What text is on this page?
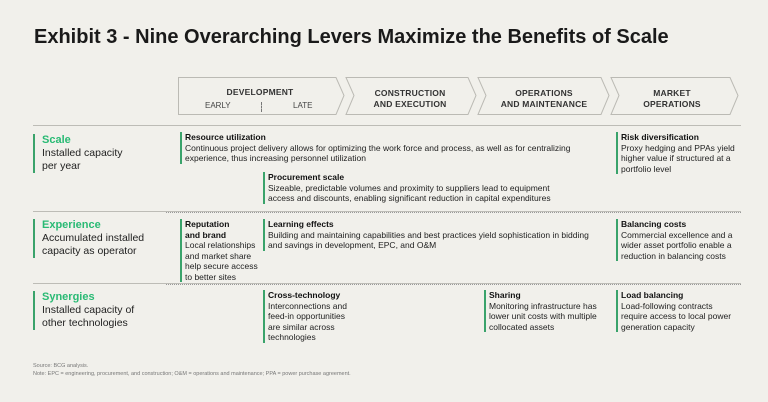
Exhibit 3 - Nine Overarching Levers Maximize the Benefits of Scale
DEVELOPMENT
EARLY	LATE
CONSTRUCTION
AND EXECUTION
OPERATIONS
AND MAINTENANCE
MARKET
OPERATIONS
Scale
Installed capacity
per year
Experience
Accumulated installed
capacity as operator
Synergies
Installed capacity of
other technologies
Resource utilization
Continuous project delivery allows for optimizing the work force and process, as well as for centralizing
experience, thus increasing personnel utilization
Procurement scale
Sizeable, predictable volumes and proximity to suppliers lead to equipment
access and discounts, enabling significant reduction in capital expenditures
Risk diversification
Proxy hedging and PPAs yield
higher value if structured at a
portfolio level
Reputation
and brand
Local relationships
and market share
help secure access
to better sites
Learning effects
Building and maintaining capabilities and best practices yield sophistication in bidding
and savings in development, EPC, and O&M
Balancing costs
Commercial excellence and a
wider asset portfolio enable a
reduction in balancing costs
Cross-technology
Interconnections and
feed-in opportunities
are similar across
technologies
Sharing
Monitoring infrastructure has
lower unit costs with multiple
collocated assets
Load balancing
Load-following contracts
require access to local power
generation capacity
Source: BCG analysis.
Note: EPC = engineering, procurement, and construction; O&M = operations and maintenance; PPA = power purchase agreement.
